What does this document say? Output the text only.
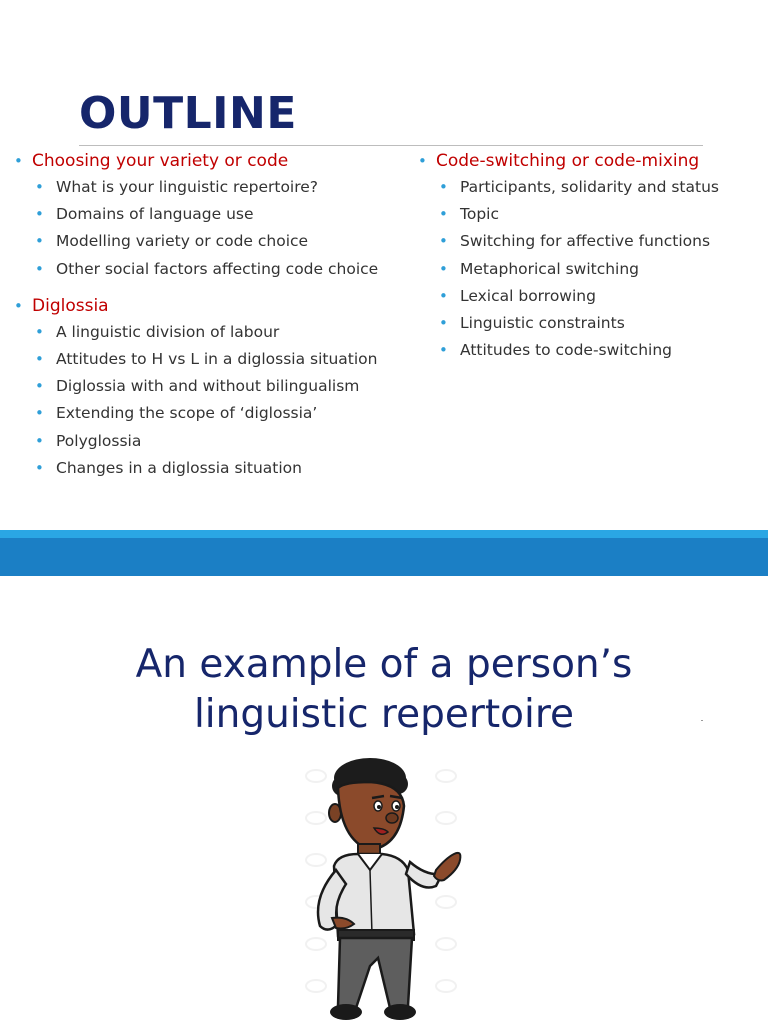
OUTLINE
• Choosing your variety or code
• What is your linguistic repertoire?
• Domains of language use
• Modelling variety or code choice
• Other social factors affecting code choice
• Diglossia
• A linguistic division of labour
• Attitudes to H vs L in a diglossia situation
• Diglossia with and without bilingualism
• Extending the scope of ‘diglossia’
• Polyglossia
• Changes in a diglossia situation
• Code-switching or code-mixing
• Participants, solidarity and status
• Topic
• Switching for affective functions
• Metaphorical switching
• Lexical borrowing
• Linguistic constraints
• Attitudes to code-switching
An example of a person’s
linguistic repertoire
